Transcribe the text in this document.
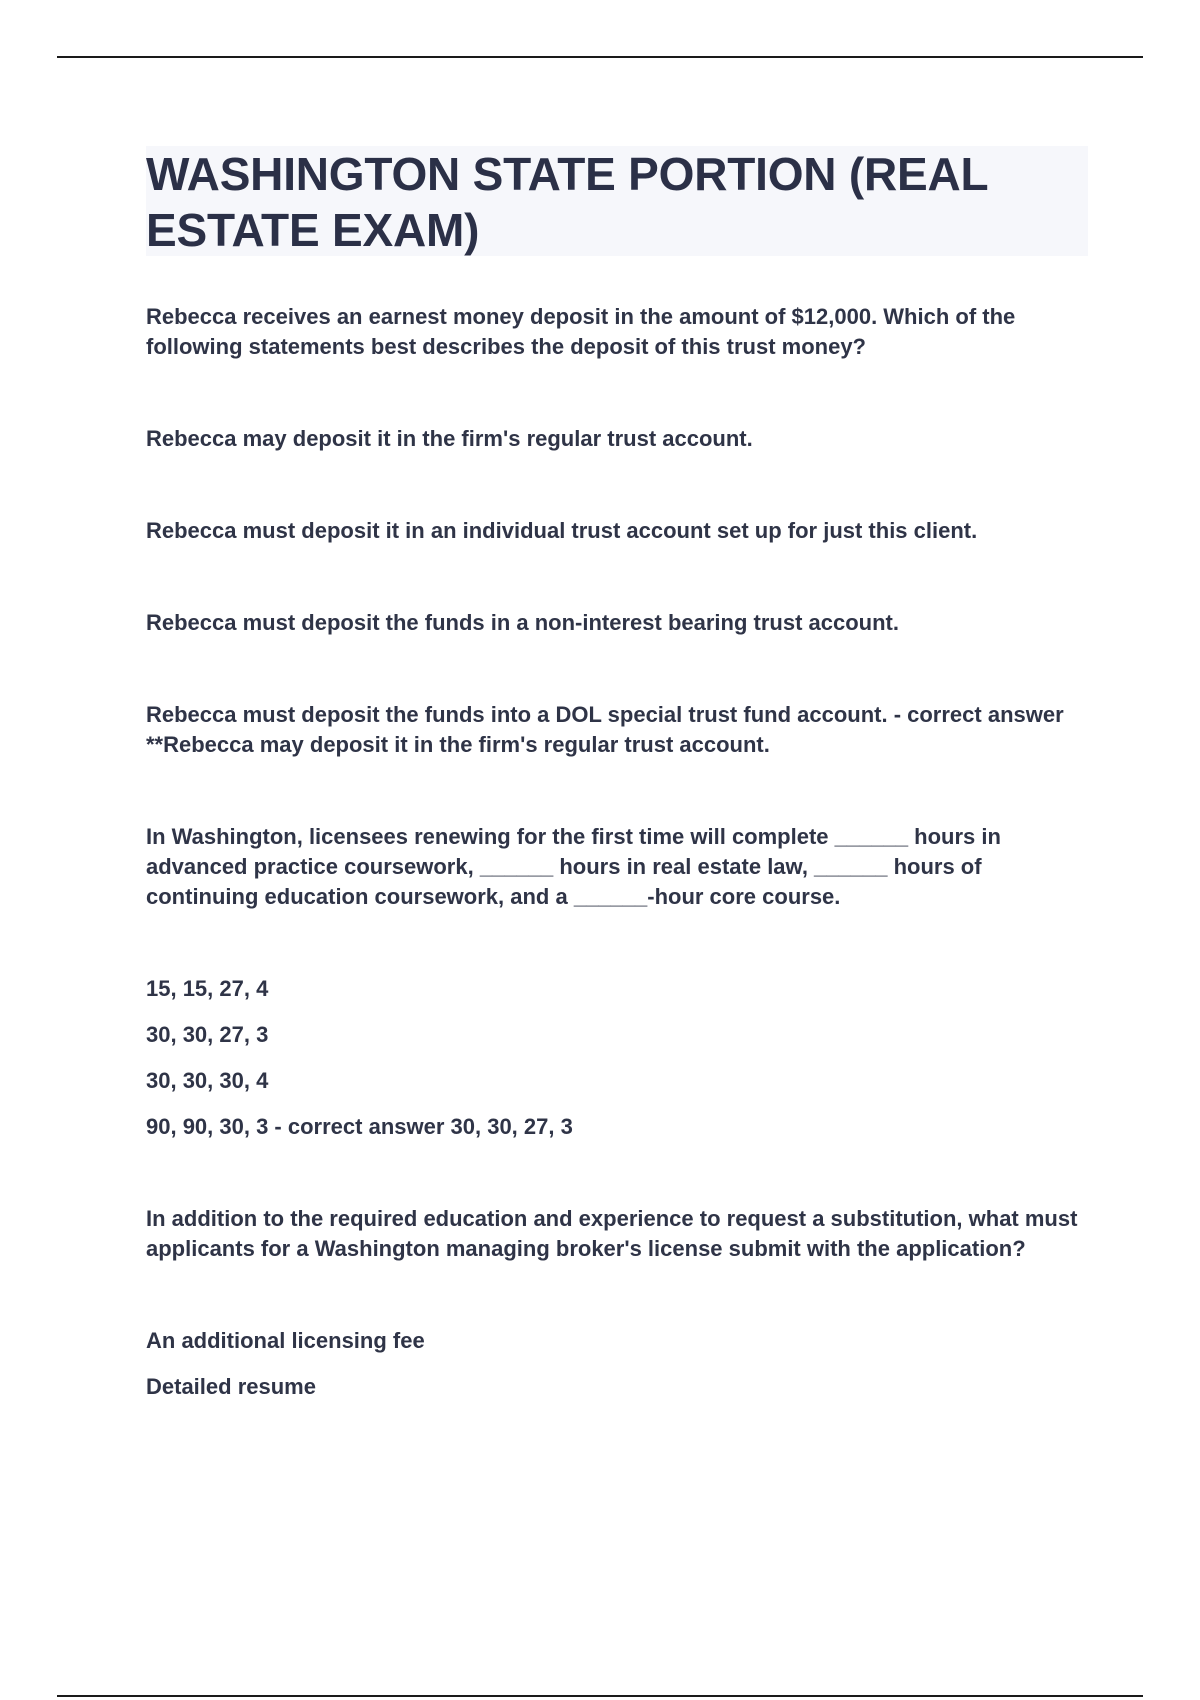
WASHINGTON STATE PORTION (REAL ESTATE EXAM)

Rebecca receives an earnest money deposit in the amount of $12,000. Which of the following statements best describes the deposit of this trust money?

Rebecca may deposit it in the firm's regular trust account.

Rebecca must deposit it in an individual trust account set up for just this client.

Rebecca must deposit the funds in a non-interest bearing trust account.

Rebecca must deposit the funds into a DOL special trust fund account. - correct answer **Rebecca may deposit it in the firm's regular trust account.

In Washington, licensees renewing for the first time will complete ______ hours in advanced practice coursework, ______ hours in real estate law, ______ hours of continuing education coursework, and a ______-hour core course.

15, 15, 27, 4

30, 30, 27, 3

30, 30, 30, 4

90, 90, 30, 3 - correct answer 30, 30, 27, 3

In addition to the required education and experience to request a substitution, what must applicants for a Washington managing broker's license submit with the application?

An additional licensing fee

Detailed resume
